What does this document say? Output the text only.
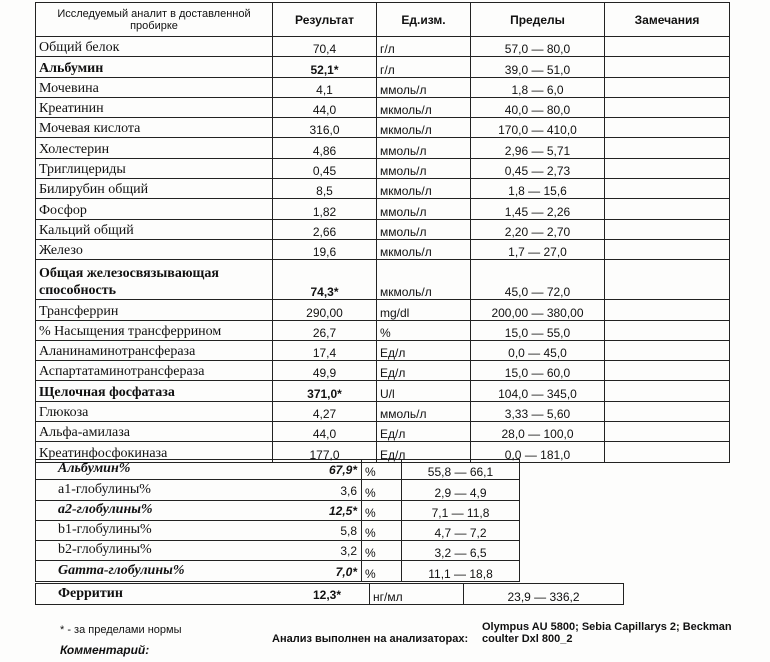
Исследуемый аналит в доставленной пробирке	Результат	Ед.изм.	Пределы	Замечания
Общий белок	70,4	г/л	57,0 — 80,0	
Альбумин	52,1*	г/л	39,0 — 51,0	
Мочевина	4,1	ммоль/л	1,8 — 6,0	
Креатинин	44,0	мкмоль/л	40,0 — 80,0	
Мочевая кислота	316,0	мкмоль/л	170,0 — 410,0	
Холестерин	4,86	ммоль/л	2,96 — 5,71	
Триглицериды	0,45	ммоль/л	0,45 — 2,73	
Билирубин общий	8,5	мкмоль/л	1,8 — 15,6	
Фосфор	1,82	ммоль/л	1,45 — 2,26	
Кальций общий	2,66	ммоль/л	2,20 — 2,70	
Железо	19,6	мкмоль/л	1,7 — 27,0	

Общая железосвязывающая
способность	74,3*	мкмоль/л	45,0 — 72,0	
Трансферрин	290,00	mg/dl	200,00 — 380,00	
% Насыщения трансферрином	26,7	%	15,0 — 55,0	
Аланинаминотрансфераза	17,4	Ед/л	0,0 — 45,0	
Аспартатаминотрансфераза	49,9	Ед/л	15,0 — 60,0	
Щелочная фосфатаза	371,0*	U/l	104,0 — 345,0	
Глюкоза	4,27	ммоль/л	3,33 — 5,60	
Альфа-амилаза	44,0	Ед/л	28,0 — 100,0	
Креатинфосфокиназа	177,0	Ед/л	0,0 — 181,0	
Альбумин% 67,9*	%	55,8 — 66,1	

a1-глобулины% 3,6	%	2,9 — 4,9	

a2-глобулины% 12,5*	%	7,1 — 11,8	

b1-глобулины% 5,8	%	4,7 — 7,2	

b2-глобулины% 3,2	%	3,2 — 6,5	

Gamma-глобулины% 7,0*	%	11,1 — 18,8	
Ферритин	12,3*	нг/мл	23,9 — 336,2	
* - за пределами нормы	Olympus AU 5800; Sebia Capillarys 2; Beckman
Анализ выполнен на анализаторах: coulter Dxl 800_2
Комментарий:
